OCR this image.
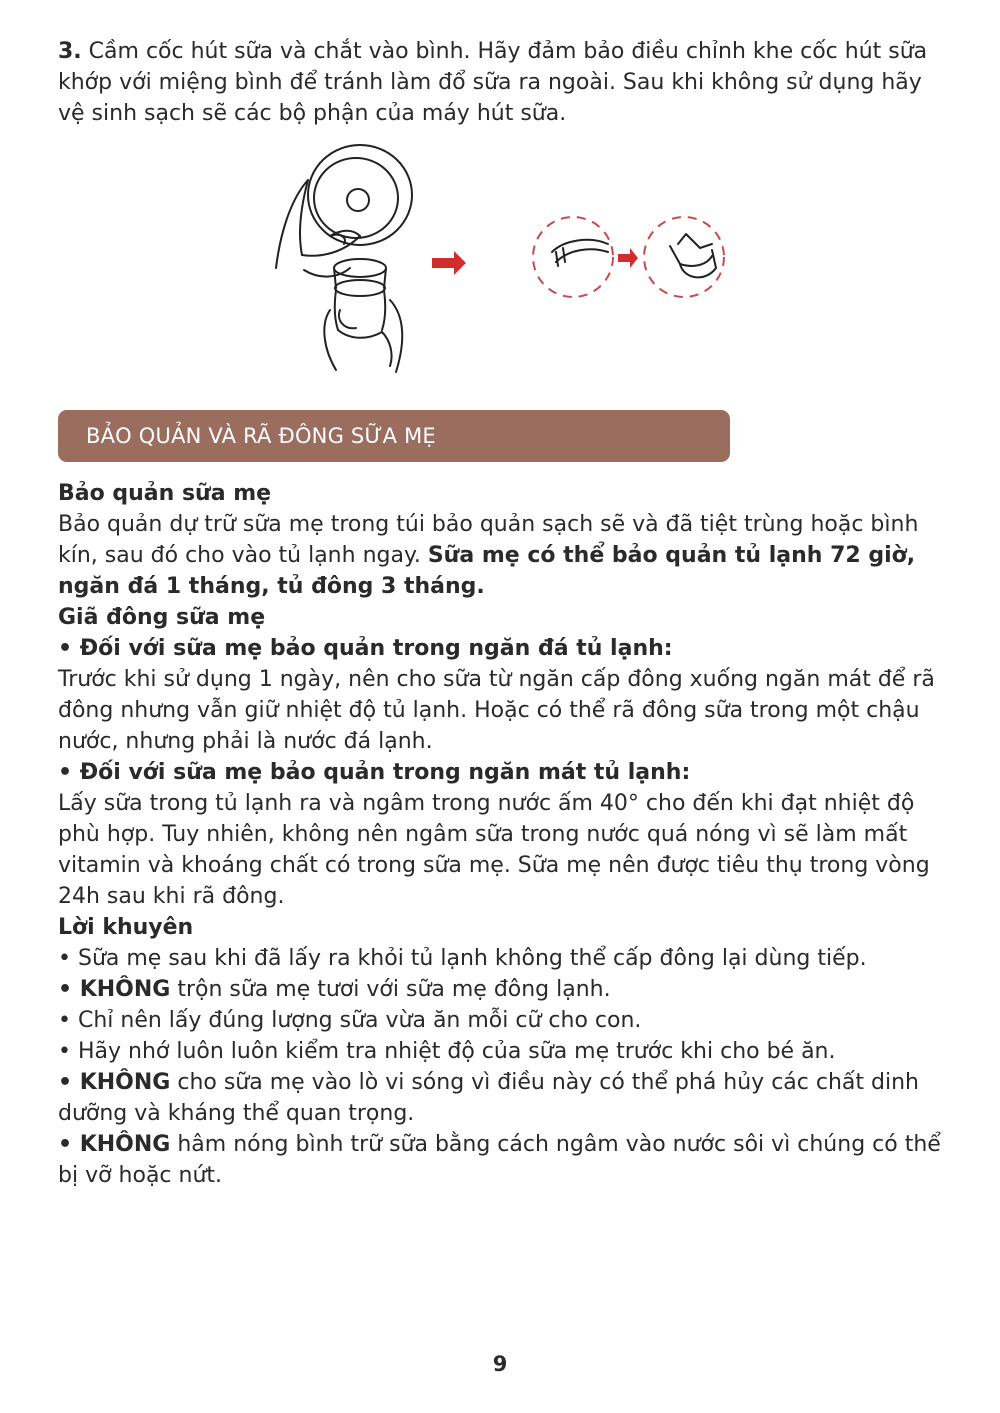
3. Cầm cốc hút sữa và chắt vào bình. Hãy đảm bảo điều chỉnh khe cốc hút sữa khớp với miệng bình để tránh làm đổ sữa ra ngoài. Sau khi không sử dụng hãy vệ sinh sạch sẽ các bộ phận của máy hút sữa.

BẢO QUẢN VÀ RÃ ĐÔNG SỮA MẸ

Bảo quản sữa mẹ

Bảo quản dự trữ sữa mẹ trong túi bảo quản sạch sẽ và đã tiệt trùng hoặc bình kín, sau đó cho vào tủ lạnh ngay. Sữa mẹ có thể bảo quản tủ lạnh 72 giờ, ngăn đá 1 tháng, tủ đông 3 tháng.

Giã đông sữa mẹ

• Đối với sữa mẹ bảo quản trong ngăn đá tủ lạnh:

Trước khi sử dụng 1 ngày, nên cho sữa từ ngăn cấp đông xuống ngăn mát để rã đông nhưng vẫn giữ nhiệt độ tủ lạnh. Hoặc có thể rã đông sữa trong một chậu nước, nhưng phải là nước đá lạnh.

• Đối với sữa mẹ bảo quản trong ngăn mát tủ lạnh:

Lấy sữa trong tủ lạnh ra và ngâm trong nước ấm 40° cho đến khi đạt nhiệt độ phù hợp. Tuy nhiên, không nên ngâm sữa trong nước quá nóng vì sẽ làm mất vitamin và khoáng chất có trong sữa mẹ. Sữa mẹ nên được tiêu thụ trong vòng 24h sau khi rã đông.

Lời khuyên

• Sữa mẹ sau khi đã lấy ra khỏi tủ lạnh không thể cấp đông lại dùng tiếp.

• KHÔNG trộn sữa mẹ tươi với sữa mẹ đông lạnh.

• Chỉ nên lấy đúng lượng sữa vừa ăn mỗi cữ cho con.

• Hãy nhớ luôn luôn kiểm tra nhiệt độ của sữa mẹ trước khi cho bé ăn.

• KHÔNG cho sữa mẹ vào lò vi sóng vì điều này có thể phá hủy các chất dinh dưỡng và kháng thể quan trọng.

• KHÔNG hâm nóng bình trữ sữa bằng cách ngâm vào nước sôi vì chúng có thể bị vỡ hoặc nứt.

9
